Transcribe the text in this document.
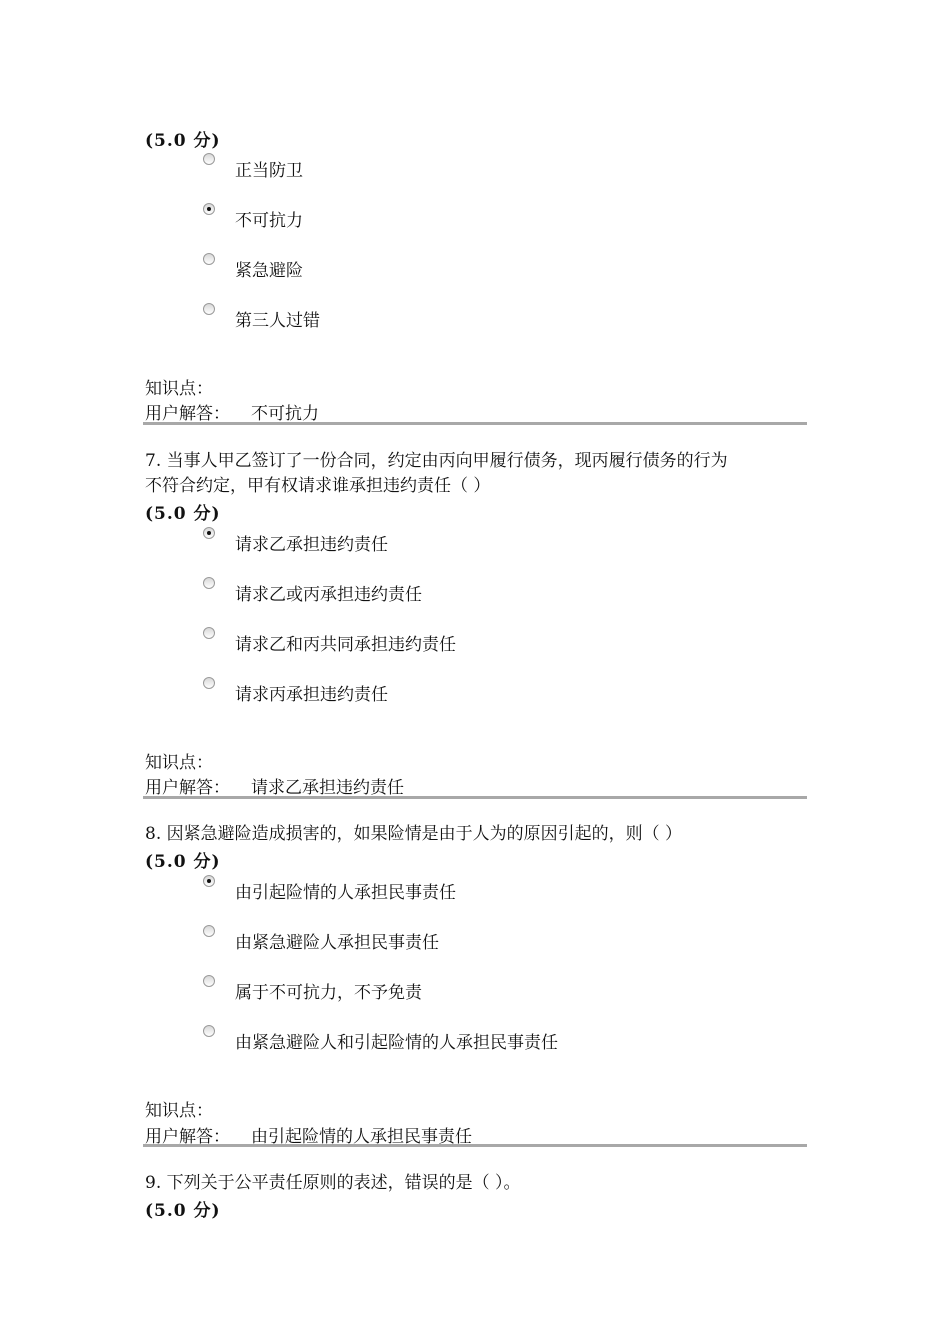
(5.0 分)
正当防卫
不可抗力
紧急避险
第三人过错
知识点：
用户解答： 不可抗力
7. 当事人甲乙签订了一份合同，约定由丙向甲履行债务，现丙履行债务的行为
不符合约定，甲有权请求谁承担违约责任（ ）
(5.0 分)
请求乙承担违约责任
请求乙或丙承担违约责任
请求乙和丙共同承担违约责任
请求丙承担违约责任
知识点：
用户解答： 请求乙承担违约责任
8. 因紧急避险造成损害的，如果险情是由于人为的原因引起的，则（ ）
(5.0 分)
由引起险情的人承担民事责任
由紧急避险人承担民事责任
属于不可抗力，不予免责
由紧急避险人和引起险情的人承担民事责任
知识点：
用户解答： 由引起险情的人承担民事责任
9. 下列关于公平责任原则的表述，错误的是（ ）。
(5.0 分)
